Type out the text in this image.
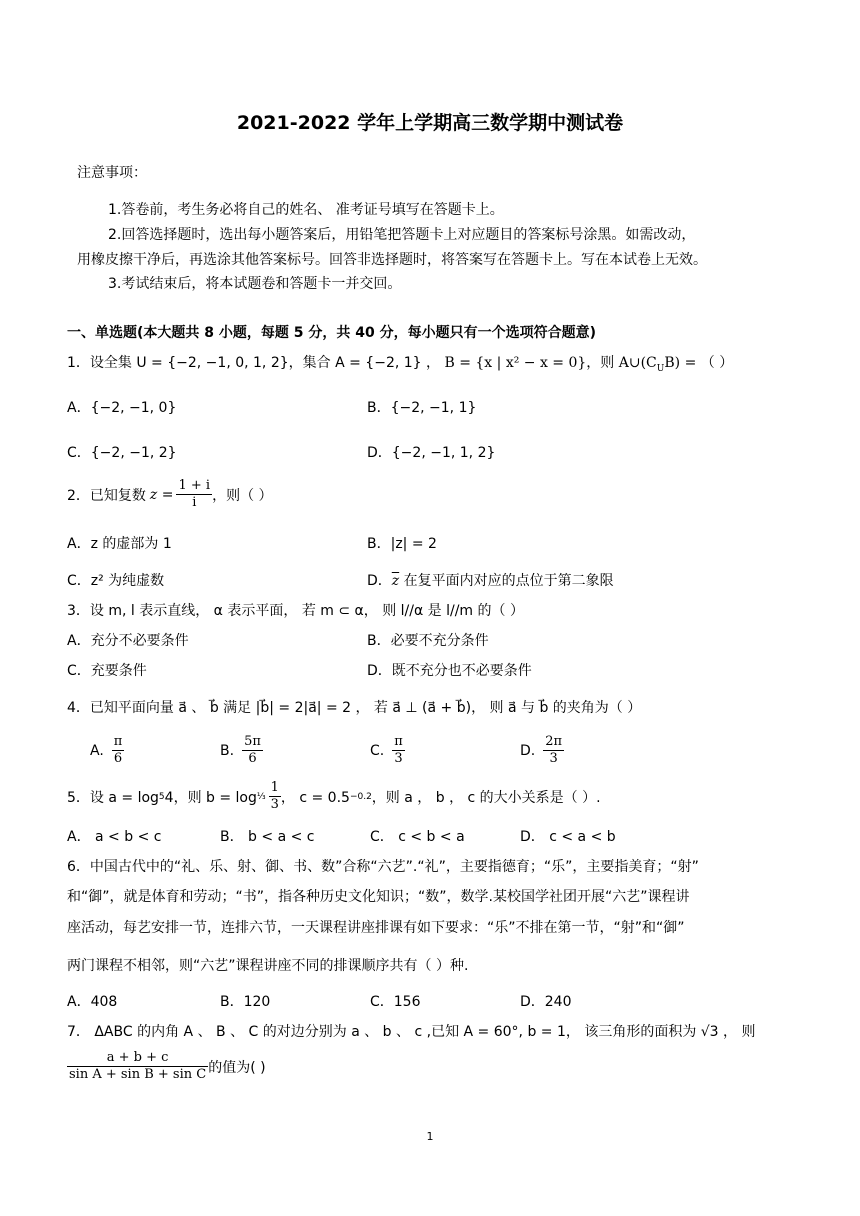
2021-2022 学年上学期高三数学期中测试卷
注意事项：
1.答卷前，考生务必将自己的姓名、 准考证号填写在答题卡上。
2.回答选择题时，选出每小题答案后，用铅笔把答题卡上对应题目的答案标号涂黑。如需改动，
用橡皮擦干净后，再选涂其他答案标号。回答非选择题时，将答案写在答题卡上。写在本试卷上无效。
3.考试结束后，将本试题卷和答题卡一并交回。
一、单选题(本大题共 8 小题，每题 5 分，共 40 分，每小题只有一个选项符合题意)
1．设全集 U = {−2, −1, 0, 1, 2}，集合 A = {−2, 1} ， B = {x | x² − x = 0}，则 $A\cup(C_UB)$ = （ ）
A．{−2, −1, 0}	B．{−2, −1, 1}
C．{−2, −1, 2}	D．{−2, −1, 1, 2}
2．已知复数 $z = \frac{1 + i}{i}$ ，则（ ）
A．z 的虚部为 1	B．|z| = 2
C．z² 为纯虚数	D．$\overline{z}$ 在复平面内对应的点位于第二象限
3．设 m, l 表示直线， α 表示平面， 若 m ⊂ α， 则 l//α 是 l//m 的（ ）
A．充分不必要条件	B．必要不充分条件
C．充要条件	D．既不充分也不必要条件
4．已知平面向量 a⃗ 、 b⃗ 满足 |b⃗| = 2|a⃗| = 2 ， 若 a⃗ ⊥ (a⃗ + b⃗)， 则 a⃗ 与 b⃗ 的夹角为（ ）
A. $\frac{\pi}{6}$	B. $\frac{5\pi}{6}$	C. $\frac{\pi}{3}$	D. $\frac{2\pi}{3}$
5．设 a = log 5 4，则 b = log ⅓ $\frac{1}{3}$ ， c = 0.5 −0.2 ，则 a ， b ， c 的大小关系是（ ）.
A． a < b < c	B． b < a < c	C． c < b < a	D． c < a < b
6．中国古代中的“礼、乐、射、御、书、数”合称“六艺”.“礼”，主要指德育；“乐”，主要指美育；“射”
和“御”，就是体育和劳动；“书”，指各种历史文化知识；“数”，数学.某校国学社团开展“六艺”课程讲
座活动，每艺安排一节，连排六节，一天课程讲座排课有如下要求：“乐”不排在第一节，“射”和“御”
两门课程不相邻，则“六艺”课程讲座不同的排课顺序共有（ ）种.
A．408	B．120	C．156	D．240
7． ΔABC 的内角 A 、 B 、 C 的对边分别为 a 、 b 、 c ,已知 A = 60°, b = 1， 该三角形的面积为 √3 ， 则
$\frac{a + b + c}{\text{sin A + sin B + sin C}}$ 的值为( )
1
